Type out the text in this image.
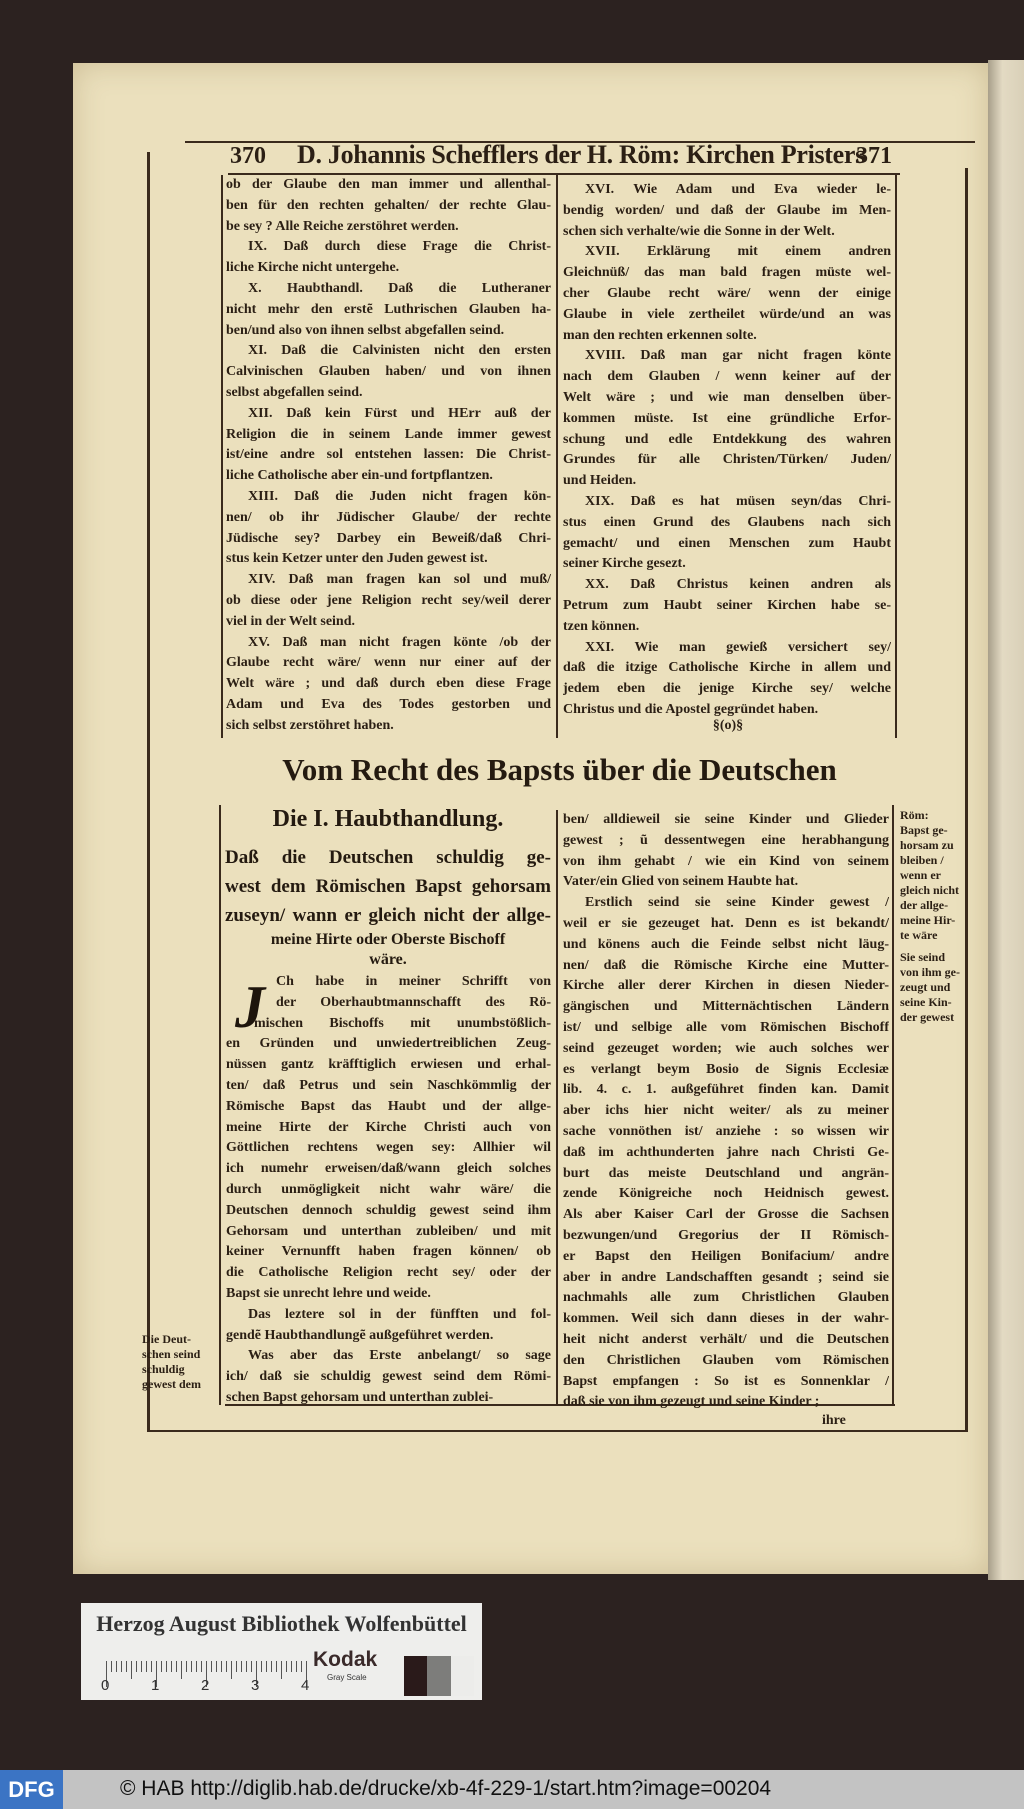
370 D. Johannis Schefflers der H. Röm: Kirchen Pristers
371
ob der Glaube den man immer und allenthal-
ben für den rechten gehalten/ der rechte Glau-
be sey ? Alle Reiche zerstöhret werden.
IX. Daß durch diese Frage die Christ-
liche Kirche nicht untergehe.
X. Haubthandl. Daß die Lutheraner
nicht mehr den erstẽ Luthrischen Glauben ha-
ben/und also von ihnen selbst abgefallen seind.
XI. Daß die Calvinisten nicht den ersten
Calvinischen Glauben haben/ und von ihnen
selbst abgefallen seind.
XII. Daß kein Fürst und HErr auß der
Religion die in seinem Lande immer gewest
ist/eine andre sol entstehen lassen: Die Christ-
liche Catholische aber ein-und fortpflantzen.
XIII. Daß die Juden nicht fragen kön-
nen/ ob ihr Jüdischer Glaube/ der rechte
Jüdische sey? Darbey ein Beweiß/daß Chri-
stus kein Ketzer unter den Juden gewest ist.
XIV. Daß man fragen kan sol und muß/
ob diese oder jene Religion recht sey/weil derer
viel in der Welt seind.
XV. Daß man nicht fragen könte /ob der
Glaube recht wäre/ wenn nur einer auf der
Welt wäre ; und daß durch eben diese Frage
Adam und Eva des Todes gestorben und
sich selbst zerstöhret haben.
XVI. Wie Adam und Eva wieder le-
bendig worden/ und daß der Glaube im Men-
schen sich verhalte/wie die Sonne in der Welt.
XVII. Erklärung mit einem andren
Gleichnüß/ das man bald fragen müste wel-
cher Glaube recht wäre/ wenn der einige
Glaube in viele zertheilet würde/und an was
man den rechten erkennen solte.
XVIII. Daß man gar nicht fragen könte
nach dem Glauben / wenn keiner auf der
Welt wäre ; und wie man denselben über-
kommen müste. Ist eine gründliche Erfor-
schung und edle Entdekkung des wahren
Grundes für alle Christen/Türken/ Juden/
und Heiden.
XIX. Daß es hat müsen seyn/das Chri-
stus einen Grund des Glaubens nach sich
gemacht/ und einen Menschen zum Haubt
seiner Kirche gesezt.
XX. Daß Christus keinen andren als
Petrum zum Haubt seiner Kirchen habe se-
tzen können.
XXI. Wie man gewieß versichert sey/
daß die itzige Catholische Kirche in allem und
jedem eben die jenige Kirche sey/ welche
Christus und die Apostel gegründet haben.
§(o)§
Vom Recht des Bapsts über die Deutschen
Die I. Haubthandlung.
Daß die Deutschen schuldig ge-
west dem Römischen Bapst gehorsam
zuseyn/ wann er gleich nicht der allge-
meine Hirte oder Oberste Bischoff
wäre.
J Ch habe in meiner Schrifft von
der Oberhaubtmannschafft des Rö-
mischen Bischoffs mit unumbstößlich-
en Gründen und unwiedertreiblichen Zeug-
nüssen gantz kräfftiglich erwiesen und erhal-
ten/ daß Petrus und sein Naschkömmlig der
Römische Bapst das Haubt und der allge-
meine Hirte der Kirche Christi auch von
Göttlichen rechtens wegen sey: Allhier wil
ich numehr erweisen/daß/wann gleich solches
durch unmögligkeit nicht wahr wäre/ die
Deutschen dennoch schuldig gewest seind ihm
Gehorsam und unterthan zubleiben/ und mit
keiner Vernunfft haben fragen können/ ob
die Catholische Religion recht sey/ oder der
Bapst sie unrecht lehre und weide.
Das leztere sol in der fünfften und fol-
gendẽ Haubthandlungẽ außgeführet werden.
Was aber das Erste anbelangt/ so sage
ich/ daß sie schuldig gewest seind dem Römi-
schen Bapst gehorsam und unterthan zublei-
ben/ alldieweil sie seine Kinder und Glieder
gewest ; ũ dessentwegen eine herabhangung
von ihm gehabt / wie ein Kind von seinem
Vater/ein Glied von seinem Haubte hat.
Erstlich seind sie seine Kinder gewest /
weil er sie gezeuget hat. Denn es ist bekandt/
und könens auch die Feinde selbst nicht läug-
nen/ daß die Römische Kirche eine Mutter-
Kirche aller derer Kirchen in diesen Nieder-
gängischen und Mitternächtischen Ländern
ist/ und selbige alle vom Römischen Bischoff
seind gezeuget worden; wie auch solches wer
es verlangt beym Bosio de Signis Ecclesiæ
lib. 4. c. 1. außgeführet finden kan. Damit
aber ichs hier nicht weiter/ als zu meiner
sache vonnöthen ist/ anziehe : so wissen wir
daß im achthunderten jahre nach Christi Ge-
burt das meiste Deutschland und angrän-
zende Königreiche noch Heidnisch gewest.
Als aber Kaiser Carl der Grosse die Sachsen
bezwungen/und Gregorius der II Römisch-
er Bapst den Heiligen Bonifacium/ andre
aber in andre Landschafften gesandt ; seind sie
nachmahls alle zum Christlichen Glauben
kommen. Weil sich dann dieses in der wahr-
heit nicht anderst verhält/ und die Deutschen
den Christlichen Glauben vom Römischen
Bapst empfangen : So ist es Sonnenklar /
daß sie von ihm gezeugt und seine Kinder ;
Röm:
Bapst ge-
horsam zu
bleiben /
wenn er
gleich nicht
der allge-
meine Hir-
te wäre
Sie seind
von ihm ge-
zeugt und
seine Kin-
der gewest
Die Deut-
schen seind
schuldig
gewest dem
ihre
Herzog August Bibliothek Wolfenbüttel
Kodak
Gray Scale
0	1	2	3	4
DFG	© HAB http://diglib.hab.de/drucke/xb-4f-229-1/start.htm?image=00204
